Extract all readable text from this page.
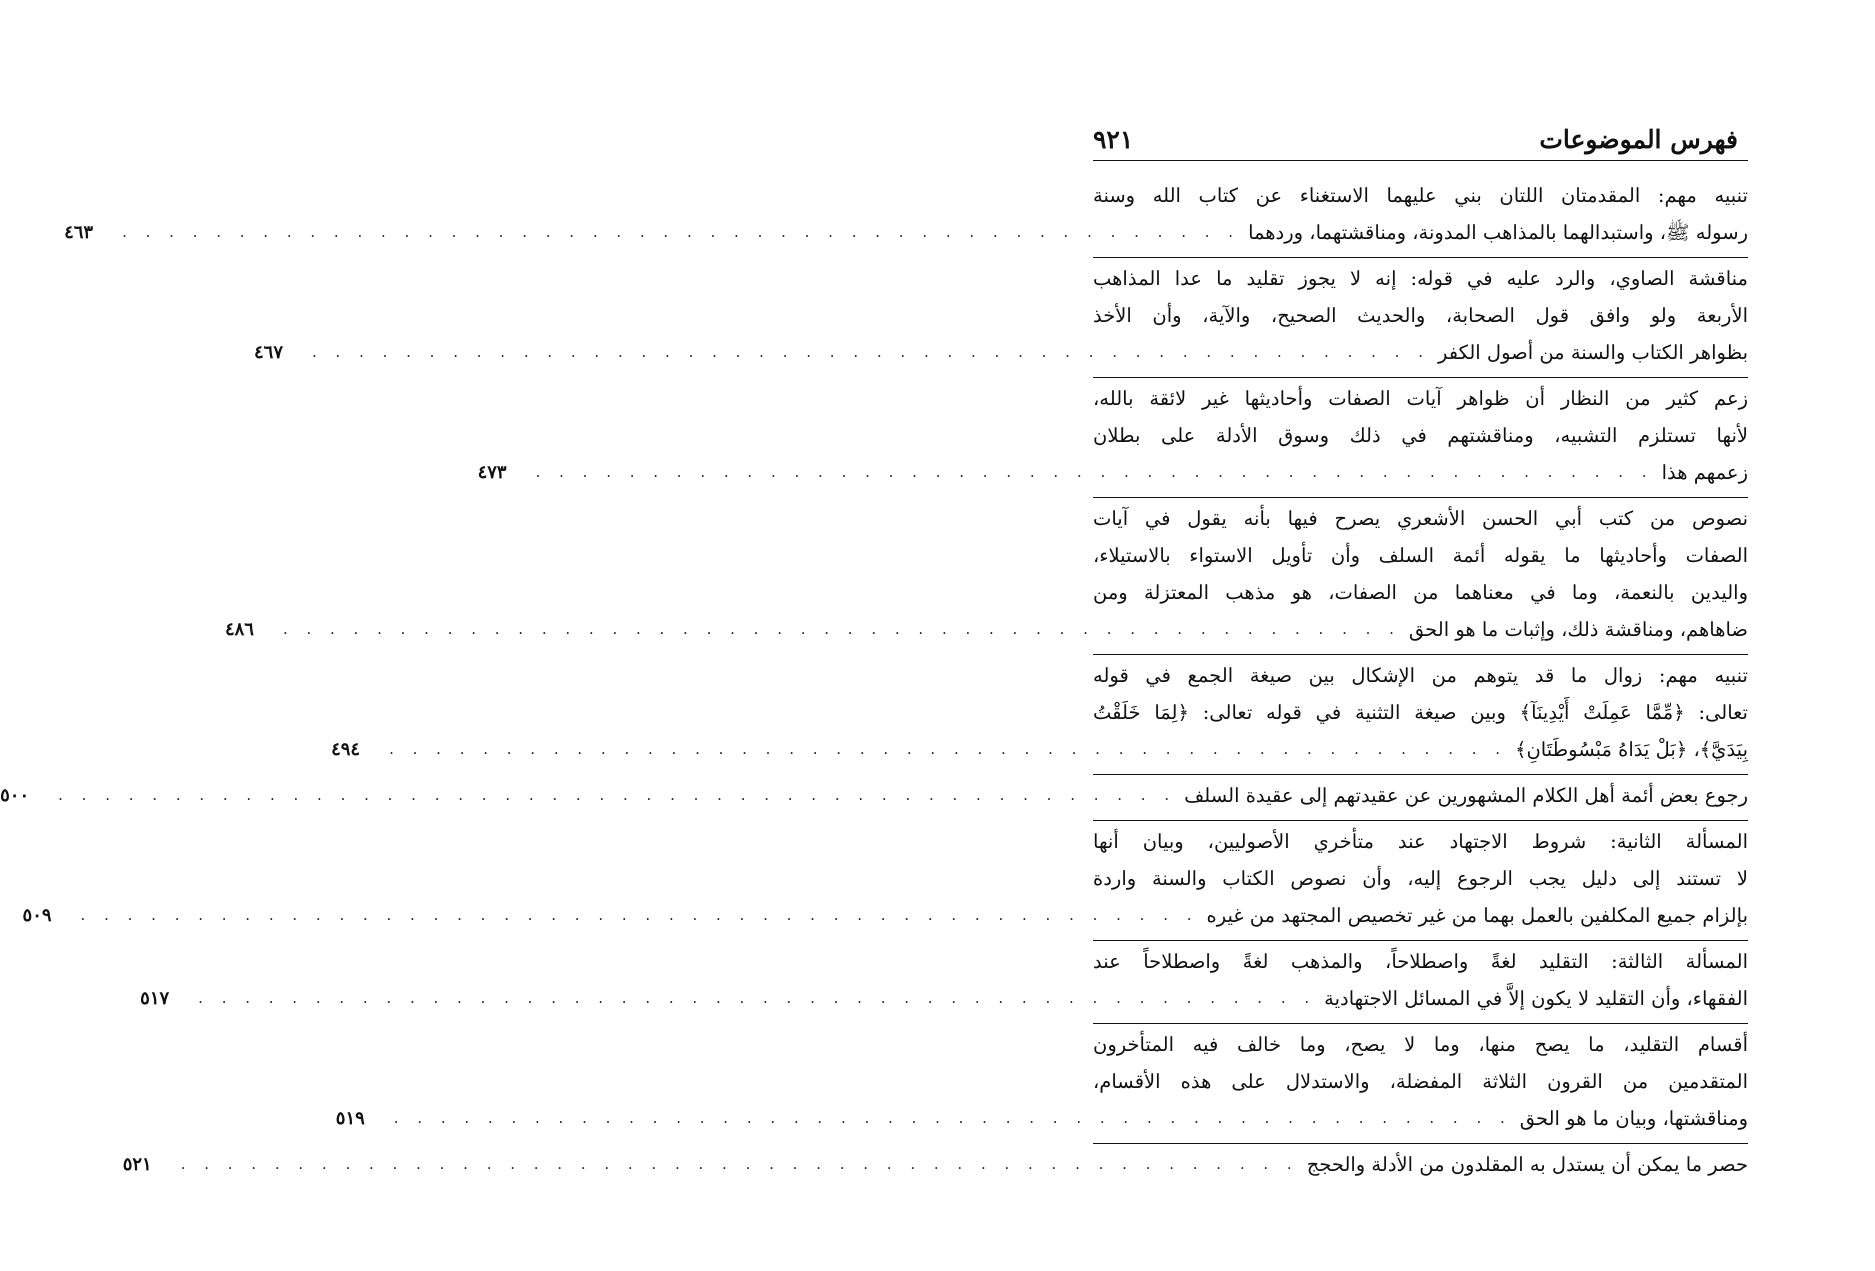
فهرس الموضوعات
٩٢١
تنبيه مهم: المقدمتان اللتان بني عليهما الاستغناء عن كتاب الله وسنة
رسوله ﷺ، واستبدالهما بالمذاهب المدونة، ومناقشتهما، وردهما
. . . . . . . . . . . . . . . . . . . . . . . . . . . . . . . . . . . . . . . . . . . . . . . .
٤٦٣
مناقشة الصاوي، والرد عليه في قوله: إنه لا يجوز تقليد ما عدا المذاهب
الأربعة ولو وافق قول الصحابة، والحديث الصحيح، والآية، وأن الأخذ
بظواهر الكتاب والسنة من أصول الكفر
. . . . . . . . . . . . . . . . . . . . . . . . . . . . . . . . . . . . . . . . . . . . . . . .
٤٦٧
زعم كثير من النظار أن ظواهر آيات الصفات وأحاديثها غير لائقة بالله،
لأنها تستلزم التشبيه، ومناقشتهم في ذلك وسوق الأدلة على بطلان
زعمهم هذا
. . . . . . . . . . . . . . . . . . . . . . . . . . . . . . . . . . . . . . . . . . . . . . . .
٤٧٣
نصوص من كتب أبي الحسن الأشعري يصرح فيها بأنه يقول في آيات
الصفات وأحاديثها ما يقوله أئمة السلف وأن تأويل الاستواء بالاستيلاء،
واليدين بالنعمة، وما في معناهما من الصفات، هو مذهب المعتزلة ومن
ضاهاهم، ومناقشة ذلك، وإثبات ما هو الحق
. . . . . . . . . . . . . . . . . . . . . . . . . . . . . . . . . . . . . . . . . . . . . . . .
٤٨٦
تنبيه مهم: زوال ما قد يتوهم من الإشكال بين صيغة الجمع في قوله
تعالى: ﴿مِّمَّا عَمِلَتْ أَيْدِينَآ﴾ وبين صيغة التثنية في قوله تعالى: ﴿لِمَا خَلَقْتُ
بِيَدَيَّ﴾، ﴿بَلْ يَدَاهُ مَبْسُوطَتَانِ﴾
. . . . . . . . . . . . . . . . . . . . . . . . . . . . . . . . . . . . . . . . . . . . . . . .
٤٩٤
رجوع بعض أئمة أهل الكلام المشهورين عن عقيدتهم إلى عقيدة السلف
. . . . . . . . . . . . . . . . . . . . . . . . . . . . . . . . . . . . . . . . . . . . . . . .
٥٠٠
المسألة الثانية: شروط الاجتهاد عند متأخري الأصوليين، وبيان أنها
لا تستند إلى دليل يجب الرجوع إليه، وأن نصوص الكتاب والسنة واردة
بإلزام جميع المكلفين بالعمل بهما من غير تخصيص المجتهد من غيره
. . . . . . . . . . . . . . . . . . . . . . . . . . . . . . . . . . . . . . . . . . . . . . . .
٥٠٩
المسألة الثالثة: التقليد لغةً واصطلاحاً، والمذهب لغةً واصطلاحاً عند
الفقهاء، وأن التقليد لا يكون إلاَّ في المسائل الاجتهادية
. . . . . . . . . . . . . . . . . . . . . . . . . . . . . . . . . . . . . . . . . . . . . . . .
٥١٧
أقسام التقليد، ما يصح منها، وما لا يصح، وما خالف فيه المتأخرون
المتقدمين من القرون الثلاثة المفضلة، والاستدلال على هذه الأقسام،
ومناقشتها، وبيان ما هو الحق
. . . . . . . . . . . . . . . . . . . . . . . . . . . . . . . . . . . . . . . . . . . . . . . .
٥١٩
حصر ما يمكن أن يستدل به المقلدون من الأدلة والحجج
. . . . . . . . . . . . . . . . . . . . . . . . . . . . . . . . . . . . . . . . . . . . . . . .
٥٢١
